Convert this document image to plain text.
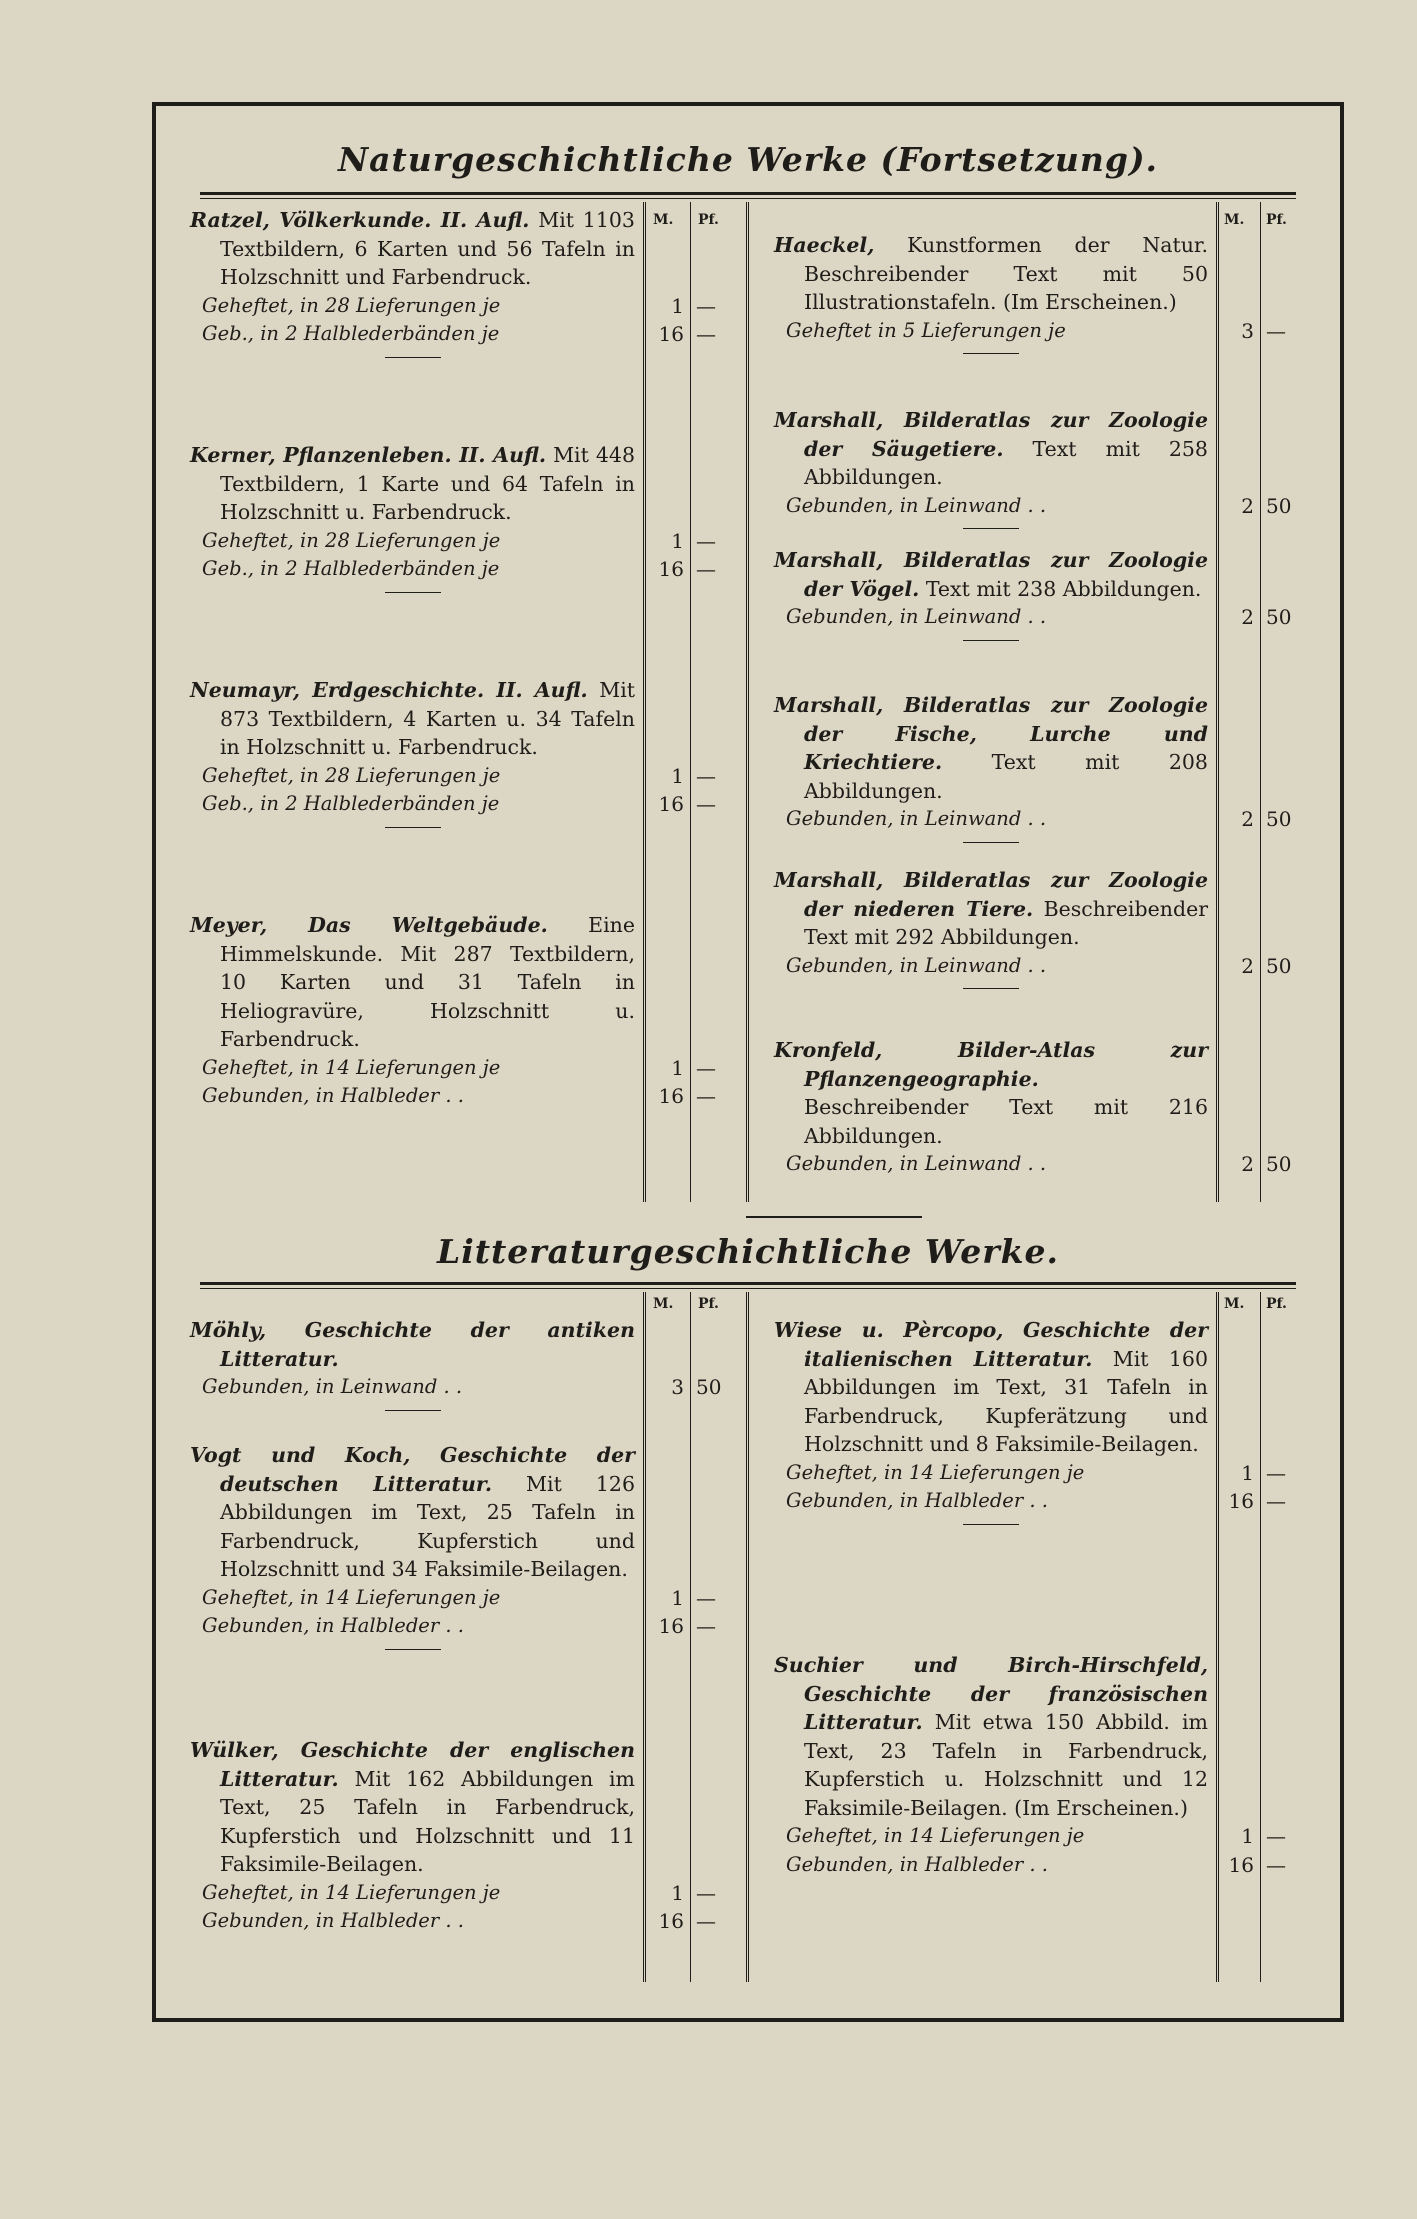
Naturgeschichtliche Werke (Fortsetzung).
M. Pf.	M. Pf.
Ratzel, Völkerkunde. II. Aufl. Mit 1103 Textbildern, 6 Karten und 56 Tafeln in Holzschnitt und Farbendruck.
Geheftet, in 28 Lieferungen je
Geb., in 2 Halblederbänden je
Kerner, Pflanzenleben. II. Aufl. Mit 448 Textbildern, 1 Karte und 64 Tafeln in Holzschnitt u. Farbendruck.
Geheftet, in 28 Lieferungen je
Geb., in 2 Halblederbänden je
Neumayr, Erdgeschichte. II. Aufl. Mit 873 Textbildern, 4 Karten u. 34 Tafeln in Holzschnitt u. Farbendruck.
Geheftet, in 28 Lieferungen je
Geb., in 2 Halblederbänden je
Meyer, Das Weltgebäude. Eine Himmelskunde. Mit 287 Textbildern, 10 Karten und 31 Tafeln in Heliogravüre, Holzschnitt u. Farbendruck.
Geheftet, in 14 Lieferungen je
Gebunden, in Halbleder . .
1 —
16 —
1 —
16 —
1 —
16 —
1 —
16 —
Haeckel, Kunstformen der Natur. Beschreibender Text mit 50 Illustrationstafeln. (Im Erscheinen.)
Geheftet in 5 Lieferungen je
Marshall, Bilderatlas zur Zoologie der Säugetiere. Text mit 258 Abbildungen.
Gebunden, in Leinwand . .
Marshall, Bilderatlas zur Zoologie der Vögel. Text mit 238 Abbildungen.
Gebunden, in Leinwand . .
Marshall, Bilderatlas zur Zoologie der Fische, Lurche und Kriechtiere. Text mit 208 Abbildungen.
Gebunden, in Leinwand . .
Marshall, Bilderatlas zur Zoologie der niederen Tiere. Beschreibender Text mit 292 Abbildungen.
Gebunden, in Leinwand . .
Kronfeld, Bilder-Atlas zur Pflanzengeographie. Beschreibender Text mit 216 Abbildungen.
Gebunden, in Leinwand . .
3 —
2 50
2 50
2 50
2 50
2 50
Litteraturgeschichtliche Werke.
M. Pf.	M. Pf.
Möhly, Geschichte der antiken Litteratur.
Gebunden, in Leinwand . .
Vogt und Koch, Geschichte der deutschen Litteratur. Mit 126 Abbildungen im Text, 25 Tafeln in Farbendruck, Kupferstich und Holzschnitt und 34 Faksimile-Beilagen.
Geheftet, in 14 Lieferungen je
Gebunden, in Halbleder . .
Wülker, Geschichte der englischen Litteratur. Mit 162 Abbildungen im Text, 25 Tafeln in Farbendruck, Kupferstich und Holzschnitt und 11 Faksimile-Beilagen.
Geheftet, in 14 Lieferungen je
Gebunden, in Halbleder . .
3 50
1 —
16 —
1 —
16 —
Wiese u. Pèrcopo, Geschichte der italienischen Litteratur. Mit 160 Abbildungen im Text, 31 Tafeln in Farbendruck, Kupferätzung und Holzschnitt und 8 Faksimile-Beilagen.
Geheftet, in 14 Lieferungen je
Gebunden, in Halbleder . .
Suchier und Birch-Hirschfeld, Geschichte der französischen Litteratur. Mit etwa 150 Abbild. im Text, 23 Tafeln in Farbendruck, Kupferstich u. Holzschnitt und 12 Faksimile-Beilagen. (Im Erscheinen.)
Geheftet, in 14 Lieferungen je
Gebunden, in Halbleder . .
1 —
16 —
1 —
16 —
